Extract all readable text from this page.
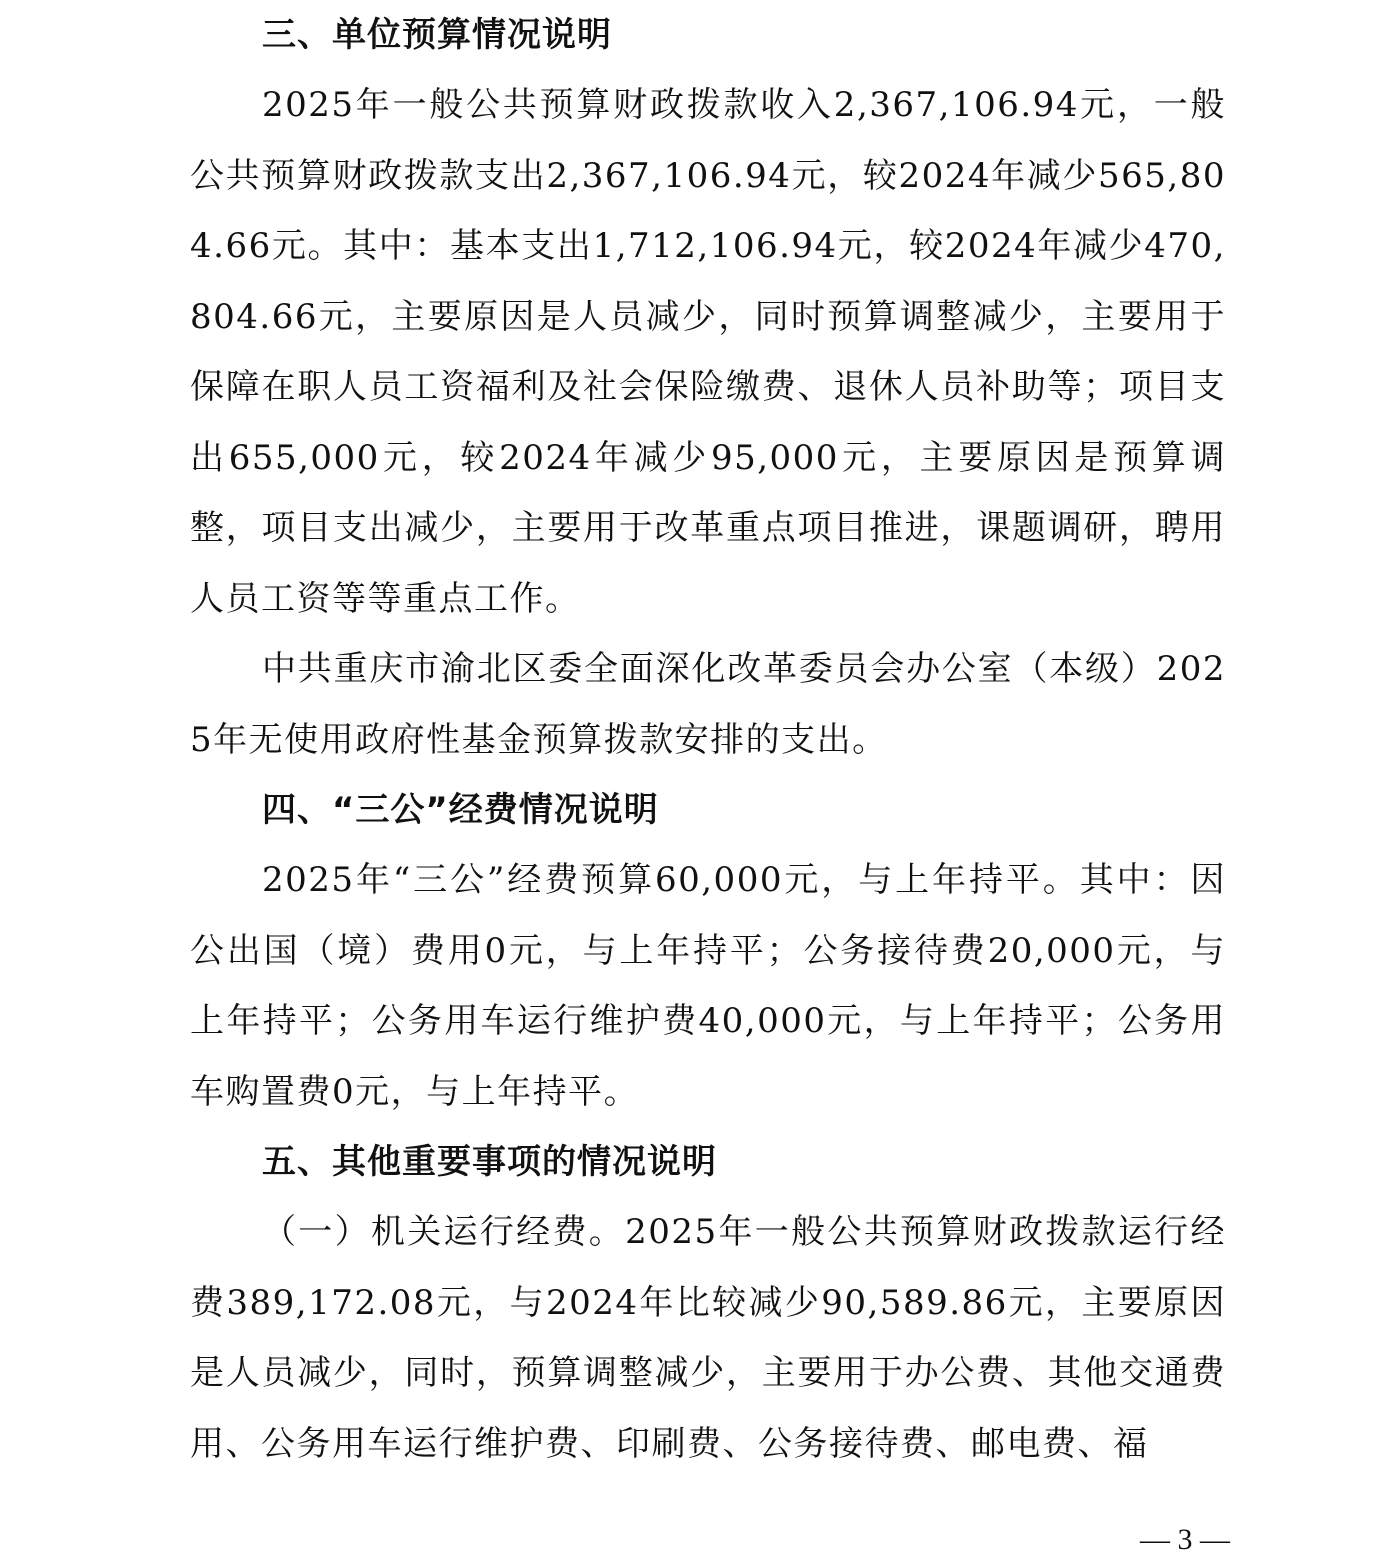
三、单位预算情况说明

2025年一般公共预算财政拨款收入2,367,106.94元，一般公共预算财政拨款支出2,367,106.94元，较2024年减少565,804.66元。其中：基本支出1,712,106.94元，较2024年减少470,804.66元，主要原因是人员减少，同时预算调整减少，主要用于保障在职人员工资福利及社会保险缴费、退休人员补助等；项目支出655,000元，较2024年减少95,000元，主要原因是预算调整，项目支出减少，主要用于改革重点项目推进，课题调研，聘用人员工资等等重点工作。

中共重庆市渝北区委全面深化改革委员会办公室（本级）2025年无使用政府性基金预算拨款安排的支出。

四、“三公”经费情况说明

2025年“三公”经费预算60,000元，与上年持平。其中：因公出国（境）费用0元，与上年持平；公务接待费20,000元，与上年持平；公务用车运行维护费40,000元，与上年持平；公务用车购置费0元，与上年持平。

五、其他重要事项的情况说明

（一）机关运行经费。2025年一般公共预算财政拨款运行经费389,172.08元，与2024年比较减少90,589.86元，主要原因是人员减少，同时，预算调整减少，主要用于办公费、其他交通费用、公务用车运行维护费、印刷费、公务接待费、邮电费、福

— 3 —
